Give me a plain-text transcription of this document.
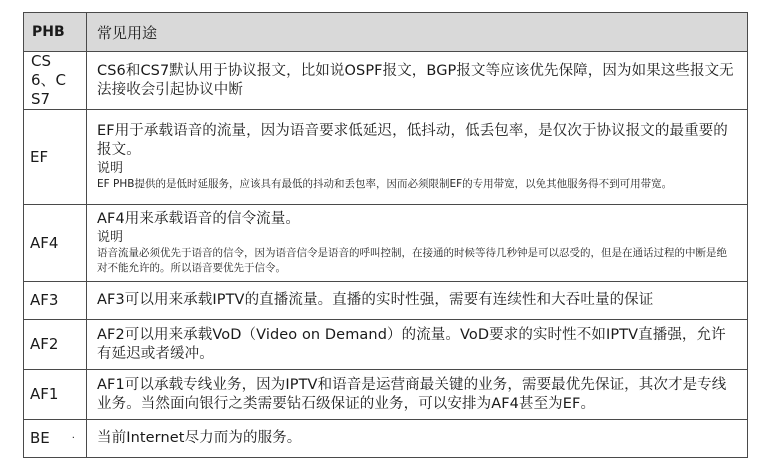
PHB	常见用途

CS6、CS7	CS6和CS7默认用于协议报文，比如说OSPF报文，BGP报文等应该优先保障，因为如果这些报文无法接收会引起协议中断

EF	EF用于承载语音的流量，因为语音要求低延迟，低抖动，低丢包率，是仅次于协议报文的最重要的报文。
说明
EF PHB提供的是低时延服务，应该具有最低的抖动和丢包率，因而必须限制EF的专用带宽，以免其他服务得不到可用带宽。

AF4	AF4用来承载语音的信令流量。
说明
语音流量必须优先于语音的信令，因为语音信令是语音的呼叫控制，在接通的时候等待几秒钟是可以忍受的，但是在通话过程的中断是绝对不能允许的。所以语音要优先于信令。

AF3	AF3可以用来承载IPTV的直播流量。直播的实时性强，需要有连续性和大吞吐量的保证

AF2	AF2可以用来承载VoD（Video on Demand）的流量。VoD要求的实时性不如IPTV直播强，允许有延迟或者缓冲。

AF1	AF1可以承载专线业务，因为IPTV和语音是运营商最关键的业务，需要最优先保证，其次才是专线业务。当然面向银行之类需要钻石级保证的业务，可以安排为AF4甚至为EF。

BE ·	当前Internet尽力而为的服务。
